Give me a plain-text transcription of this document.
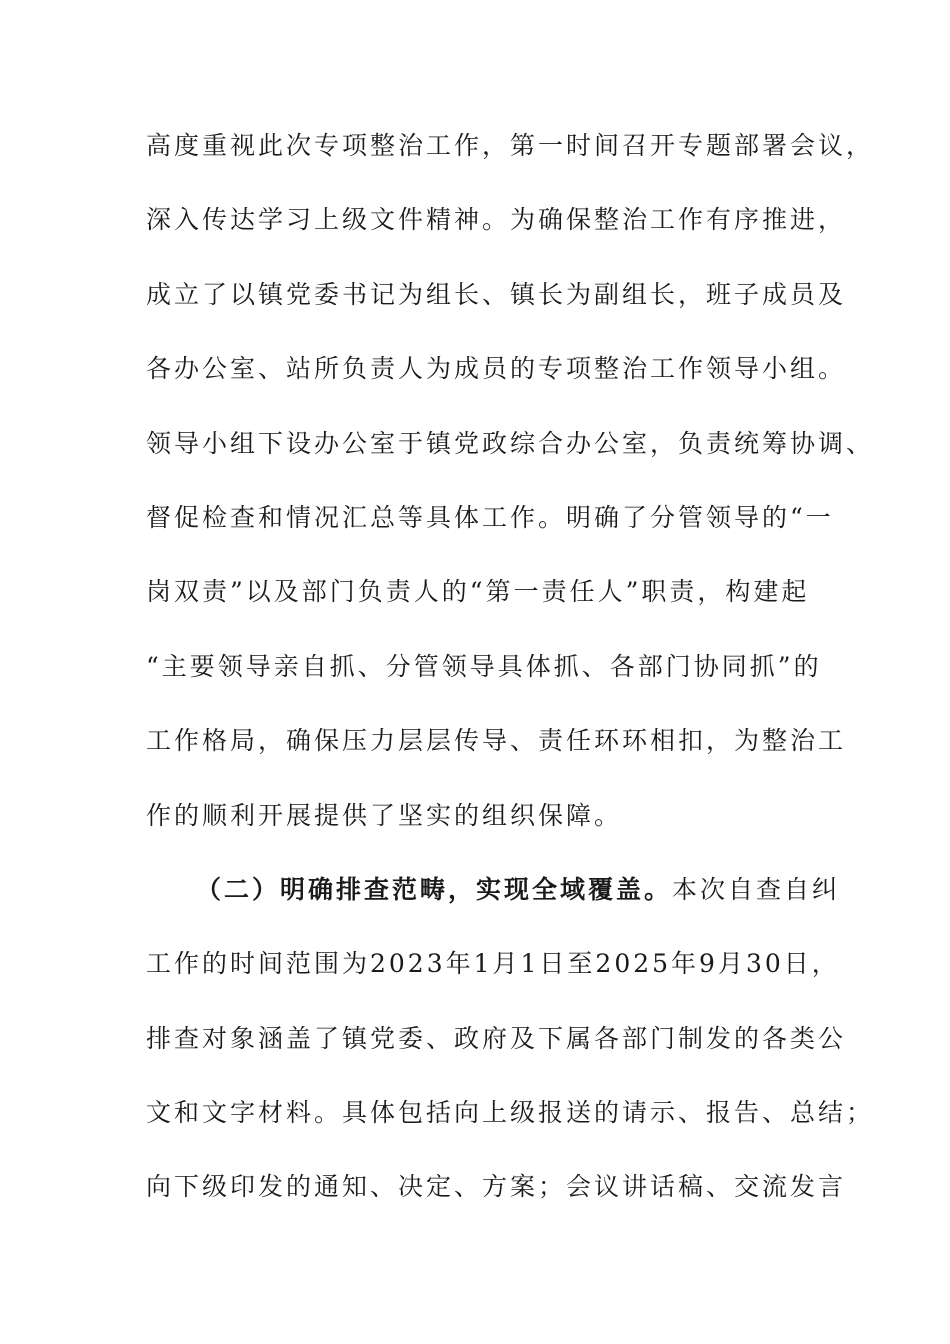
高度重视此次专项整治工作，第一时间召开专题部署会议，
深入传达学习上级文件精神。为确保整治工作有序推进，
成立了以镇党委书记为组长、镇长为副组长，班子成员及
各办公室、站所负责人为成员的专项整治工作领导小组。
领导小组下设办公室于镇党政综合办公室，负责统筹协调、
督促检查和情况汇总等具体工作。明确了分管领导的“一
岗双责”以及部门负责人的“第一责任人”职责，构建起
“主要领导亲自抓、分管领导具体抓、各部门协同抓”的
工作格局，确保压力层层传导、责任环环相扣，为整治工
作的顺利开展提供了坚实的组织保障。
（二）明确排查范畴，实现全域覆盖。本次自查自纠
工作的时间范围为2023年1月1日至2025年9月30日，
排查对象涵盖了镇党委、政府及下属各部门制发的各类公
文和文字材料。具体包括向上级报送的请示、报告、总结；
向下级印发的通知、决定、方案；会议讲话稿、交流发言
